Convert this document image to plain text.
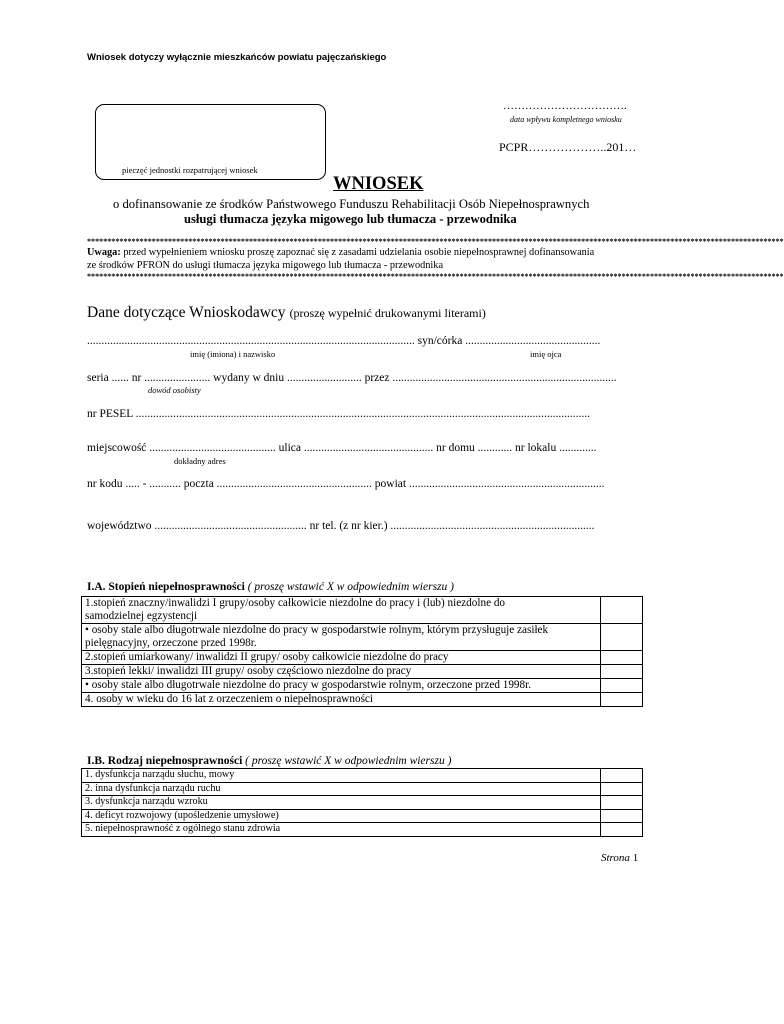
Wniosek dotyczy wyłącznie mieszkańców powiatu pajęczańskiego
pieczęć jednostki rozpatrującej wniosek
…………………………….
data wpływu kompletnego wniosku
PCPR………………..201…
WNIOSEK
o dofinansowanie ze środków Państwowego Funduszu Rehabilitacji Osób Niepełnosprawnych
usługi tłumacza języka migowego lub tłumacza - przewodnika
****************************************************************************************************************************************************************************
Uwaga: przed wypełnieniem wniosku proszę zapoznać się z zasadami udzielania osobie niepełnosprawnej dofinansowania
ze środków PFRON do usługi tłumacza języka migowego lub tłumacza - przewodnika
****************************************************************************************************************************************************************************
Dane dotyczące Wnioskodawcy (proszę wypełnić drukowanymi literami)
.................................................................................................................. syn/córka ...............................................
imię (imiona) i nazwisko	imię ojca
seria ...... nr ....................... wydany w dniu .......................... przez ..............................................................................
dowód osobisty
nr PESEL ..............................................................................................................................................................
miejscowość ............................................ ulica ............................................. nr domu ............ nr lokalu .............
dokładny adres
nr kodu ..... - ........... poczta ...................................................... powiat ....................................................................
województwo ..................................................... nr tel. (z nr kier.) .......................................................................
I.A. Stopień niepełnosprawności ( proszę wstawić X w odpowiednim wierszu )
1.stopień znaczny/inwalidzi I grupy/osoby całkowicie niezdolne do pracy i (lub) niezdolne do
samodzielnej egzystencji	

• osoby stale albo długotrwale niezdolne do pracy w gospodarstwie rolnym, którym przysługuje zasiłek
pielęgnacyjny, orzeczone przed 1998r.	

2.stopień umiarkowany/ inwalidzi II grupy/ osoby całkowicie niezdolne do pracy	
3.stopień lekki/ inwalidzi III grupy/ osoby częściowo niezdolne do pracy	
• osoby stale albo długotrwale niezdolne do pracy w gospodarstwie rolnym, orzeczone przed 1998r.	
4. osoby w wieku do 16 lat z orzeczeniem o niepełnosprawności	
I.B. Rodzaj niepełnosprawności ( proszę wstawić X w odpowiednim wierszu )
1. dysfunkcja narządu słuchu, mowy	
2. inna dysfunkcja narządu ruchu	
3. dysfunkcja narządu wzroku	
4. deficyt rozwojowy (upośledzenie umysłowe)	
5. niepełnosprawność z ogólnego stanu zdrowia	
Strona 1
